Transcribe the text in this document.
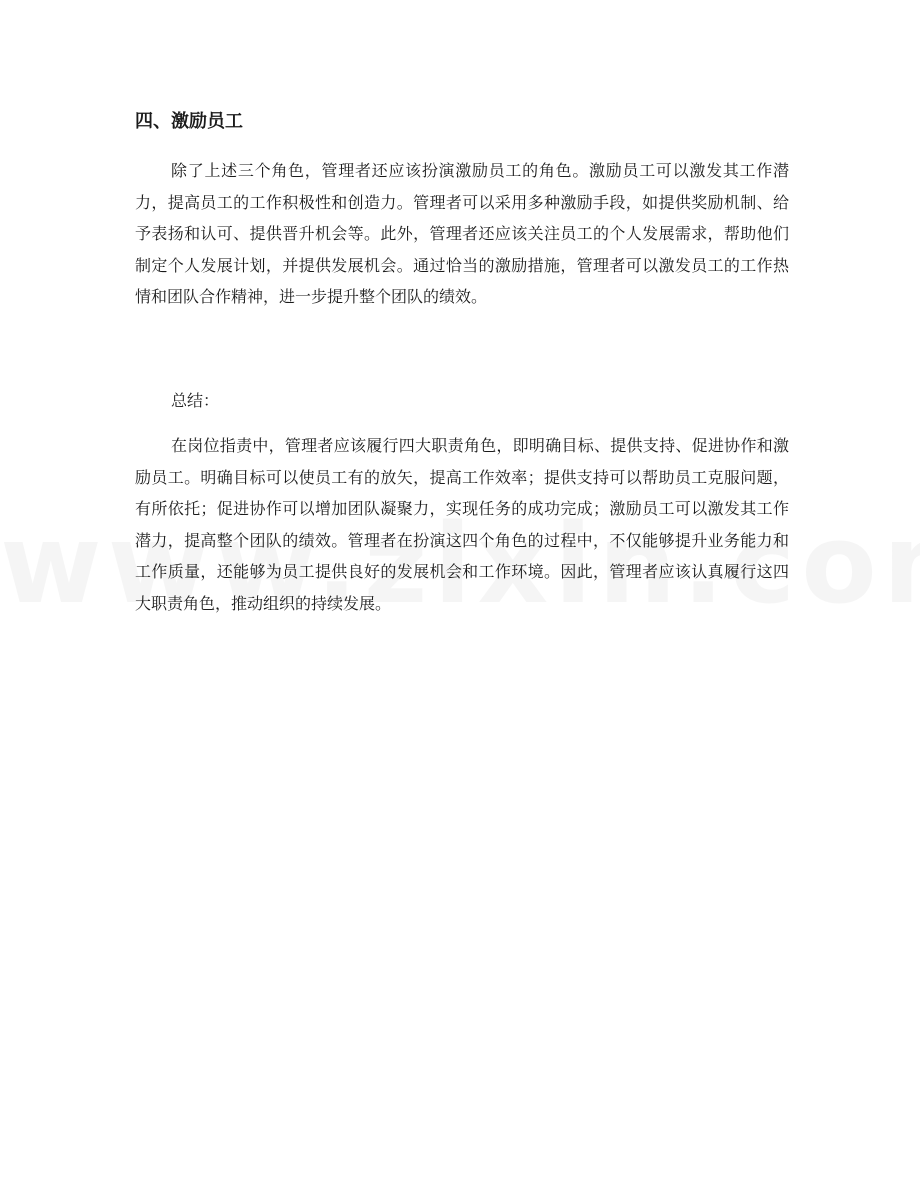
四、激励员工

除了上述三个角色，管理者还应该扮演激励员工的角色。激励员工可以激发其工作潜力，提高员工的工作积极性和创造力。管理者可以采用多种激励手段，如提供奖励机制、给予表扬和认可、提供晋升机会等。此外，管理者还应该关注员工的个人发展需求，帮助他们制定个人发展计划，并提供发展机会。通过恰当的激励措施，管理者可以激发员工的工作热情和团队合作精神，进一步提升整个团队的绩效。

总结：

在岗位指责中，管理者应该履行四大职责角色，即明确目标、提供支持、促进协作和激励员工。明确目标可以使员工有的放矢，提高工作效率；提供支持可以帮助员工克服问题，有所依托；促进协作可以增加团队凝聚力，实现任务的成功完成；激励员工可以激发其工作潜力，提高整个团队的绩效。管理者在扮演这四个角色的过程中，不仅能够提升业务能力和工作质量，还能够为员工提供良好的发展机会和工作环境。因此，管理者应该认真履行这四大职责角色，推动组织的持续发展。
